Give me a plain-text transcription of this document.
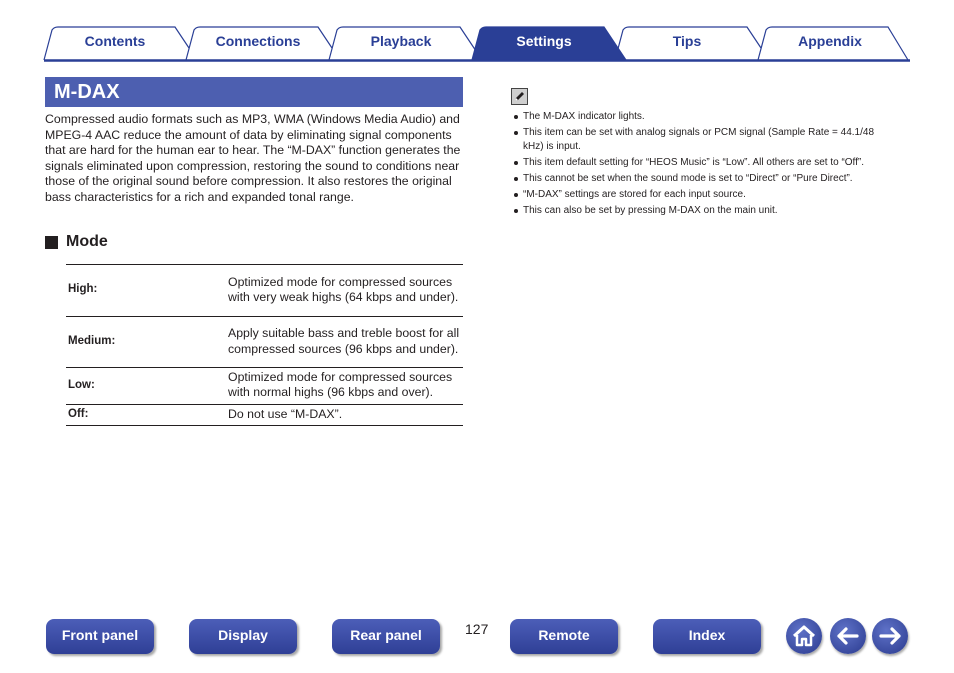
Contents	Connections	Playback	Settings	Tips	Appendix
M-DAX

Compressed audio formats such as MP3, WMA (Windows Media Audio) and MPEG-4 AAC reduce the amount of data by eliminating signal components that are hard for the human ear to hear. The “M-DAX” function generates the signals eliminated upon compression, restoring the sound to conditions near those of the original sound before compression. It also restores the original bass characteristics for a rich and expanded tonal range.

Mode
High:	Optimized mode for compressed sources with very weak highs (64 kbps and under).
Medium:	Apply suitable bass and treble boost for all compressed sources (96 kbps and under).
Low:	Optimized mode for compressed sources with normal highs (96 kbps and over).
Off:	Do not use “M-DAX”.
The M-DAX indicator lights.
This item can be set with analog signals or PCM signal (Sample Rate = 44.1/48 kHz) is input.
This item default setting for “HEOS Music” is “Low”. All others are set to “Off”.
This cannot be set when the sound mode is set to “Direct” or “Pure Direct”.
“M-DAX” settings are stored for each input source.
This can also be set by pressing M-DAX on the main unit.
Front panel	Display	Rear panel	127	Remote	Index
